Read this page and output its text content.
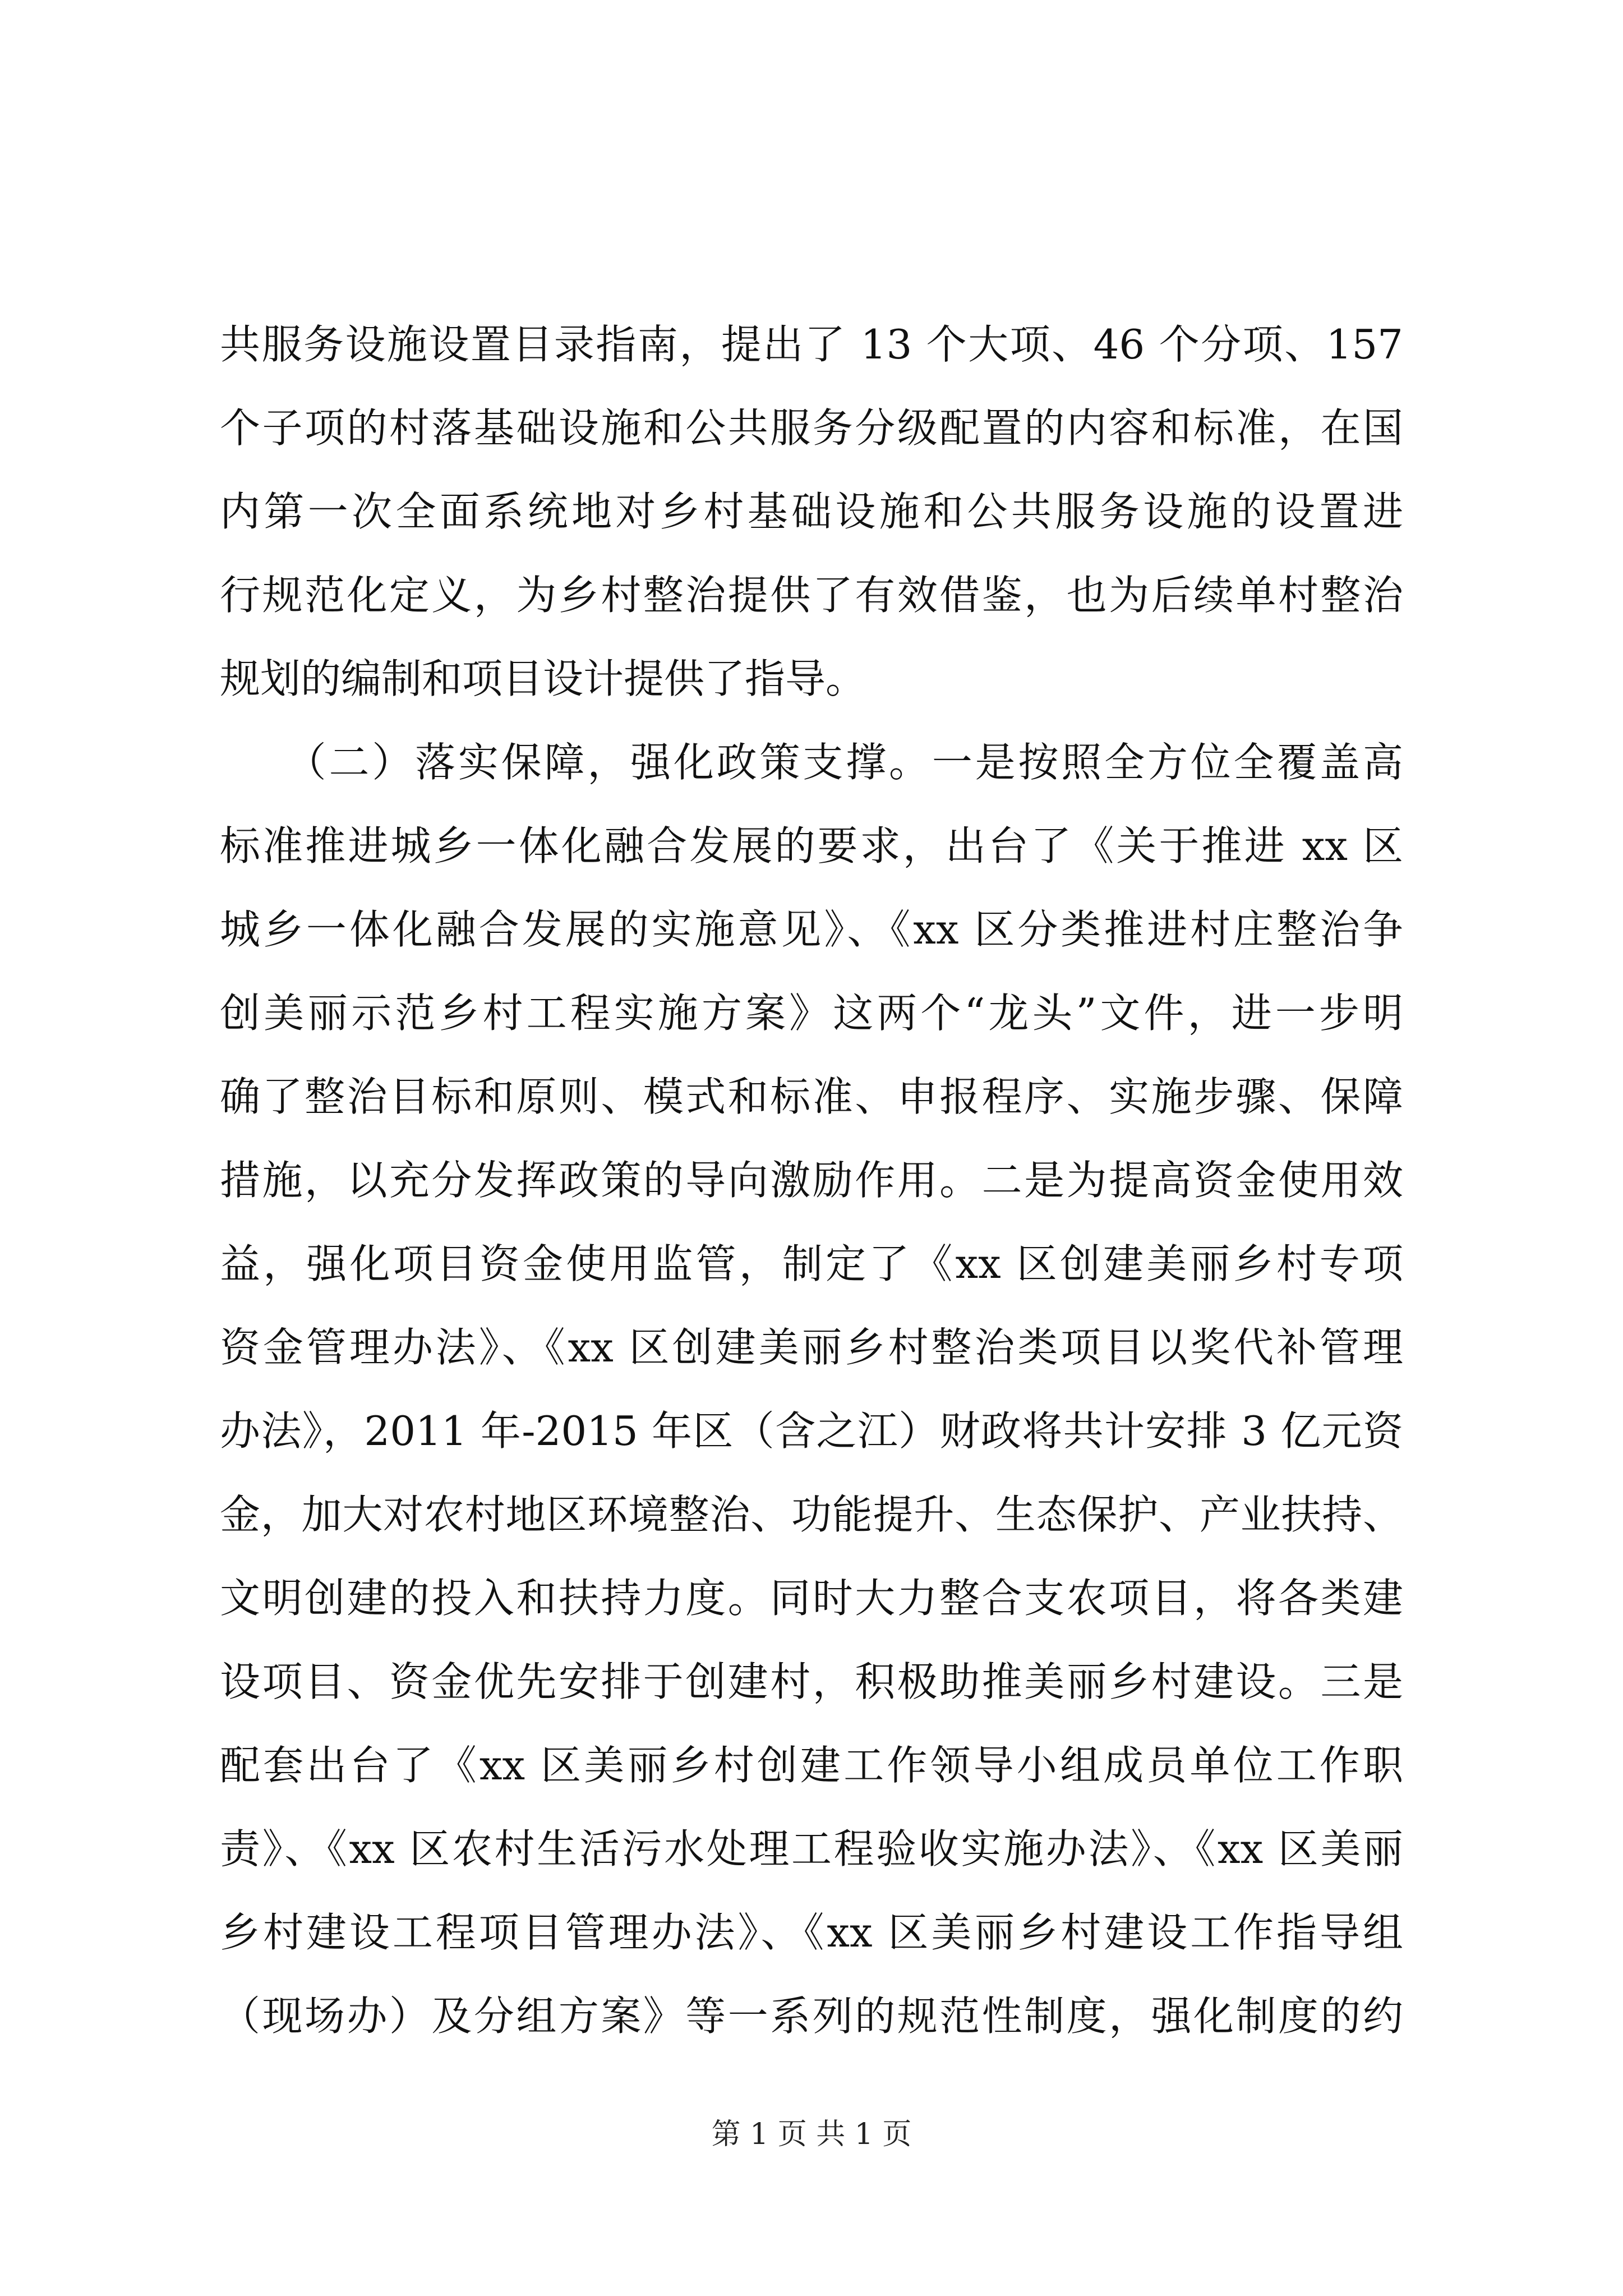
共服务设施设置目录指南，提出了 13 个大项、46 个分项、157
个子项的村落基础设施和公共服务分级配置的内容和标准，在国
内第一次全面系统地对乡村基础设施和公共服务设施的设置进
行规范化定义，为乡村整治提供了有效借鉴，也为后续单村整治
规划的编制和项目设计提供了指导。
　　（二）落实保障，强化政策支撑。一是按照全方位全覆盖高
标准推进城乡一体化融合发展的要求，出台了《关于推进 xx 区
城乡一体化融合发展的实施意见》、《xx 区分类推进村庄整治争
创美丽示范乡村工程实施方案》这两个“龙头”文件，进一步明
确了整治目标和原则、模式和标准、申报程序、实施步骤、保障
措施，以充分发挥政策的导向激励作用。二是为提高资金使用效
益，强化项目资金使用监管，制定了《xx 区创建美丽乡村专项
资金管理办法》、《xx 区创建美丽乡村整治类项目以奖代补管理
办法》，2011 年-2015 年区（含之江）财政将共计安排 3 亿元资
金，加大对农村地区环境整治、功能提升、生态保护、产业扶持、
文明创建的投入和扶持力度。同时大力整合支农项目，将各类建
设项目、资金优先安排于创建村，积极助推美丽乡村建设。三是
配套出台了《xx 区美丽乡村创建工作领导小组成员单位工作职
责》、《xx 区农村生活污水处理工程验收实施办法》、《xx 区美丽
乡村建设工程项目管理办法》、《xx 区美丽乡村建设工作指导组
（现场办）及分组方案》等一系列的规范性制度，强化制度的约
第 1 页 共 1 页
